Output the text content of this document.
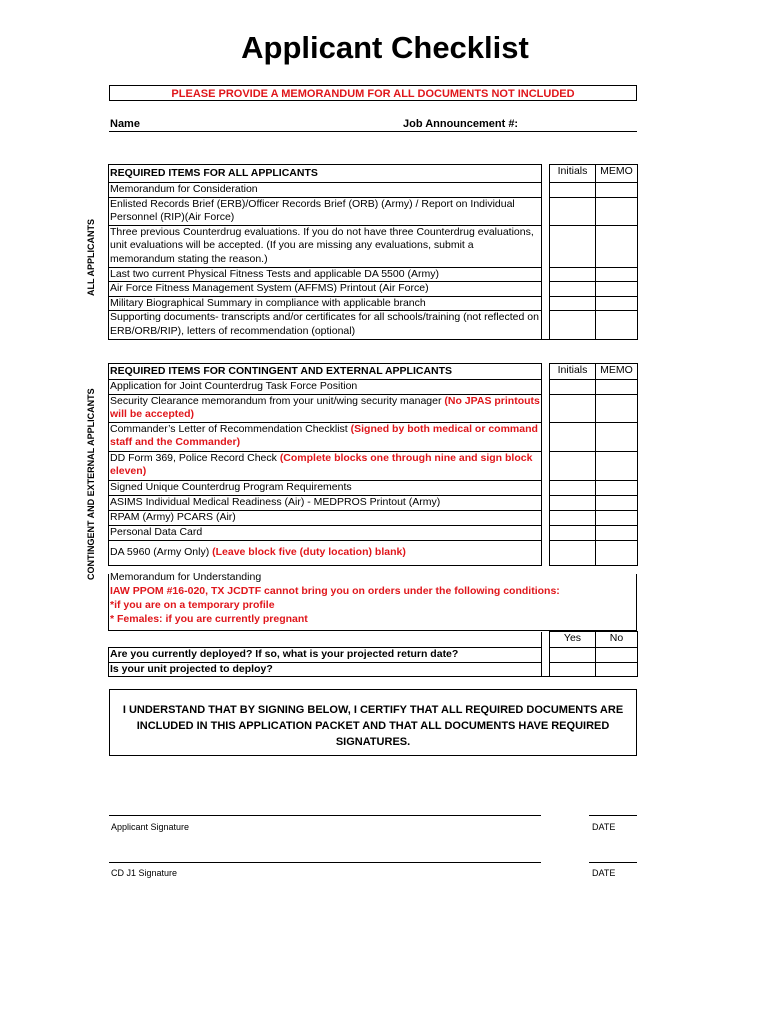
Applicant Checklist
PLEASE PROVIDE A MEMORANDUM FOR ALL DOCUMENTS NOT INCLUDED
Name	Job Announcement #:
ALL APPLICANTS
REQUIRED ITEMS FOR ALL APPLICANTS		Initials	MEMO
Memorandum for Consideration			
Enlisted Records Brief (ERB)/Officer Records Brief (ORB) (Army) / Report on Individual Personnel (RIP)(Air Force)			
Three previous Counterdrug evaluations. If you do not have three Counterdrug evaluations, unit evaluations will be accepted. (If you are missing any evaluations, submit a memorandum stating the reason.)			
Last two current Physical Fitness Tests and applicable DA 5500 (Army)			
Air Force Fitness Management System (AFFMS) Printout (Air Force)			
Military Biographical Summary in compliance with applicable branch			
Supporting documents- transcripts and/or certificates for all schools/training (not reflected on ERB/ORB/RIP), letters of recommendation (optional)			
CONTINGENT AND EXTERNAL APPLICANTS
REQUIRED ITEMS FOR CONTINGENT AND EXTERNAL APPLICANTS		Initials	MEMO
Application for Joint Counterdrug Task Force Position			
Security Clearance memorandum from your unit/wing security manager (No JPAS printouts will be accepted)			
Commander’s Letter of Recommendation Checklist (Signed by both medical or command staff and the Commander)			
DD Form 369, Police Record Check (Complete blocks one through nine and sign block eleven)			
Signed Unique Counterdrug Program Requirements			
ASIMS Individual Medical Readiness (Air) - MEDPROS Printout (Army)			
RPAM (Army) PCARS (Air)			
Personal Data Card			
DA 5960 (Army Only) (Leave block five (duty location) blank)			
Memorandum for Understanding
IAW PPOM #16-020, TX JCDTF cannot bring you on orders under the following conditions:
*if you are on a temporary profile
* Females: if you are currently pregnant
		Yes	No
Are you currently deployed? If so, what is your projected return date?			
Is your unit projected to deploy?			
I UNDERSTAND THAT BY SIGNING BELOW, I CERTIFY THAT ALL REQUIRED DOCUMENTS ARE INCLUDED IN THIS APPLICATION PACKET AND THAT ALL DOCUMENTS HAVE REQUIRED SIGNATURES.
Applicant Signature	DATE
CD J1 Signature	DATE
